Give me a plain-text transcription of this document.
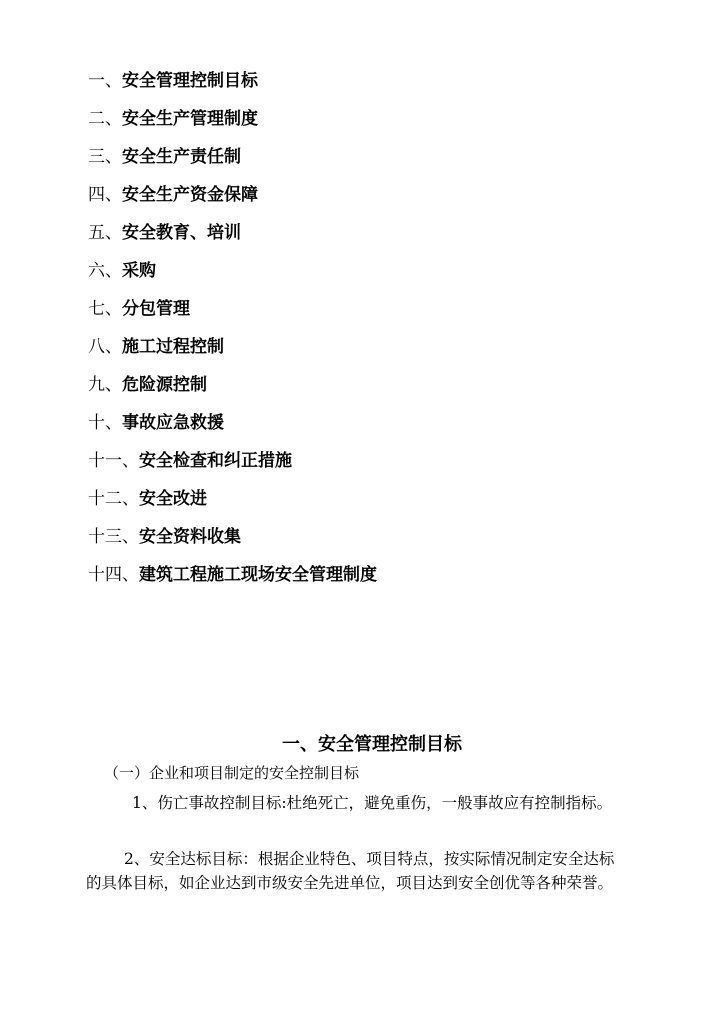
一、安全管理控制目标
二、安全生产管理制度
三、安全生产责任制
四、安全生产资金保障
五、安全教育、培训
六、采购
七、分包管理
八、施工过程控制
九、危险源控制
十、事故应急救援
十一、安全检查和纠正措施
十二、安全改进
十三、安全资料收集
十四、建筑工程施工现场安全管理制度
一、安全管理控制目标
（一）企业和项目制定的安全控制目标
1、伤亡事故控制目标:杜绝死亡，避免重伤，一般事故应有控制指标。
2、安全达标目标：根据企业特色、项目特点，按实际情况制定安全达标的具体目标，如企业达到市级安全先进单位，项目达到安全创优等各种荣誉。
